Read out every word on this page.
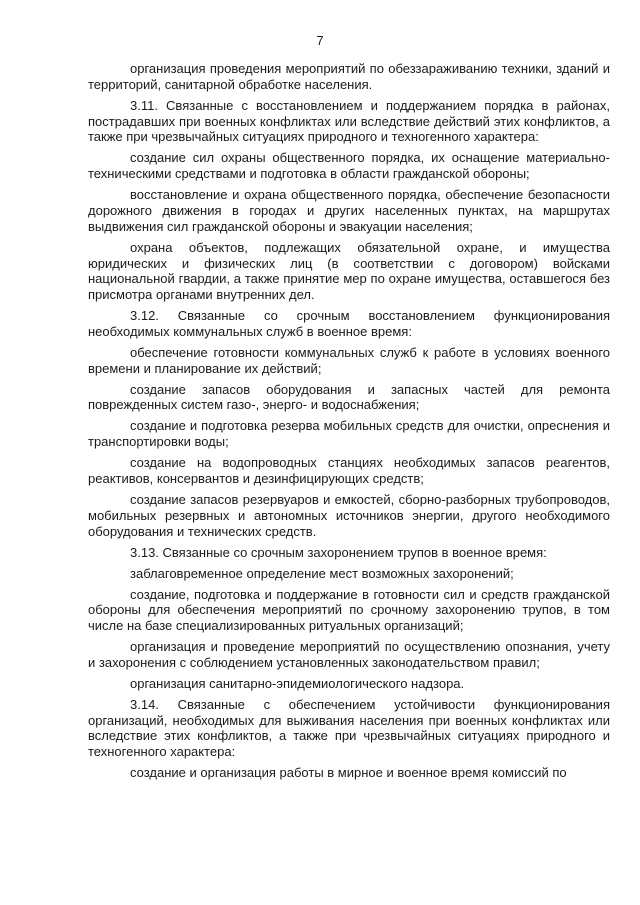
7

организация проведения мероприятий по обеззараживанию техники, зданий и территорий, санитарной обработке населения.

3.11. Связанные с восстановлением и поддержанием порядка в районах, пострадавших при военных конфликтах или вследствие действий этих конфликтов, а также при чрезвычайных ситуациях природного и техногенного характера:

создание сил охраны общественного порядка, их оснащение материально-техническими средствами и подготовка в области гражданской обороны;

восстановление и охрана общественного порядка, обеспечение безопасности дорожного движения в городах и других населенных пунктах, на маршрутах выдвижения сил гражданской обороны и эвакуации населения;

охрана объектов, подлежащих обязательной охране, и имущества юридических и физических лиц (в соответствии с договором) войсками национальной гвардии, а также принятие мер по охране имущества, оставшегося без присмотра органами внутренних дел.

3.12. Связанные со срочным восстановлением функционирования необходимых коммунальных служб в военное время:

обеспечение готовности коммунальных служб к работе в условиях военного времени и планирование их действий;

создание запасов оборудования и запасных частей для ремонта поврежденных систем газо-, энерго- и водоснабжения;

создание и подготовка резерва мобильных средств для очистки, опреснения и транспортировки воды;

создание на водопроводных станциях необходимых запасов реагентов, реактивов, консервантов и дезинфицирующих средств;

создание запасов резервуаров и емкостей, сборно-разборных трубопроводов, мобильных резервных и автономных источников энергии, другого необходимого оборудования и технических средств.

3.13. Связанные со срочным захоронением трупов в военное время:

заблаговременное определение мест возможных захоронений;

создание, подготовка и поддержание в готовности сил и средств гражданской обороны для обеспечения мероприятий по срочному захоронению трупов, в том числе на базе специализированных ритуальных организаций;

организация и проведение мероприятий по осуществлению опознания, учету и захоронения с соблюдением установленных законодательством правил;

организация санитарно-эпидемиологического надзора.

3.14. Связанные с обеспечением устойчивости функционирования организаций, необходимых для выживания населения при военных конфликтах или вследствие этих конфликтов, а также при чрезвычайных ситуациях природного и техногенного характера:

создание и организация работы в мирное и военное время комиссий по
